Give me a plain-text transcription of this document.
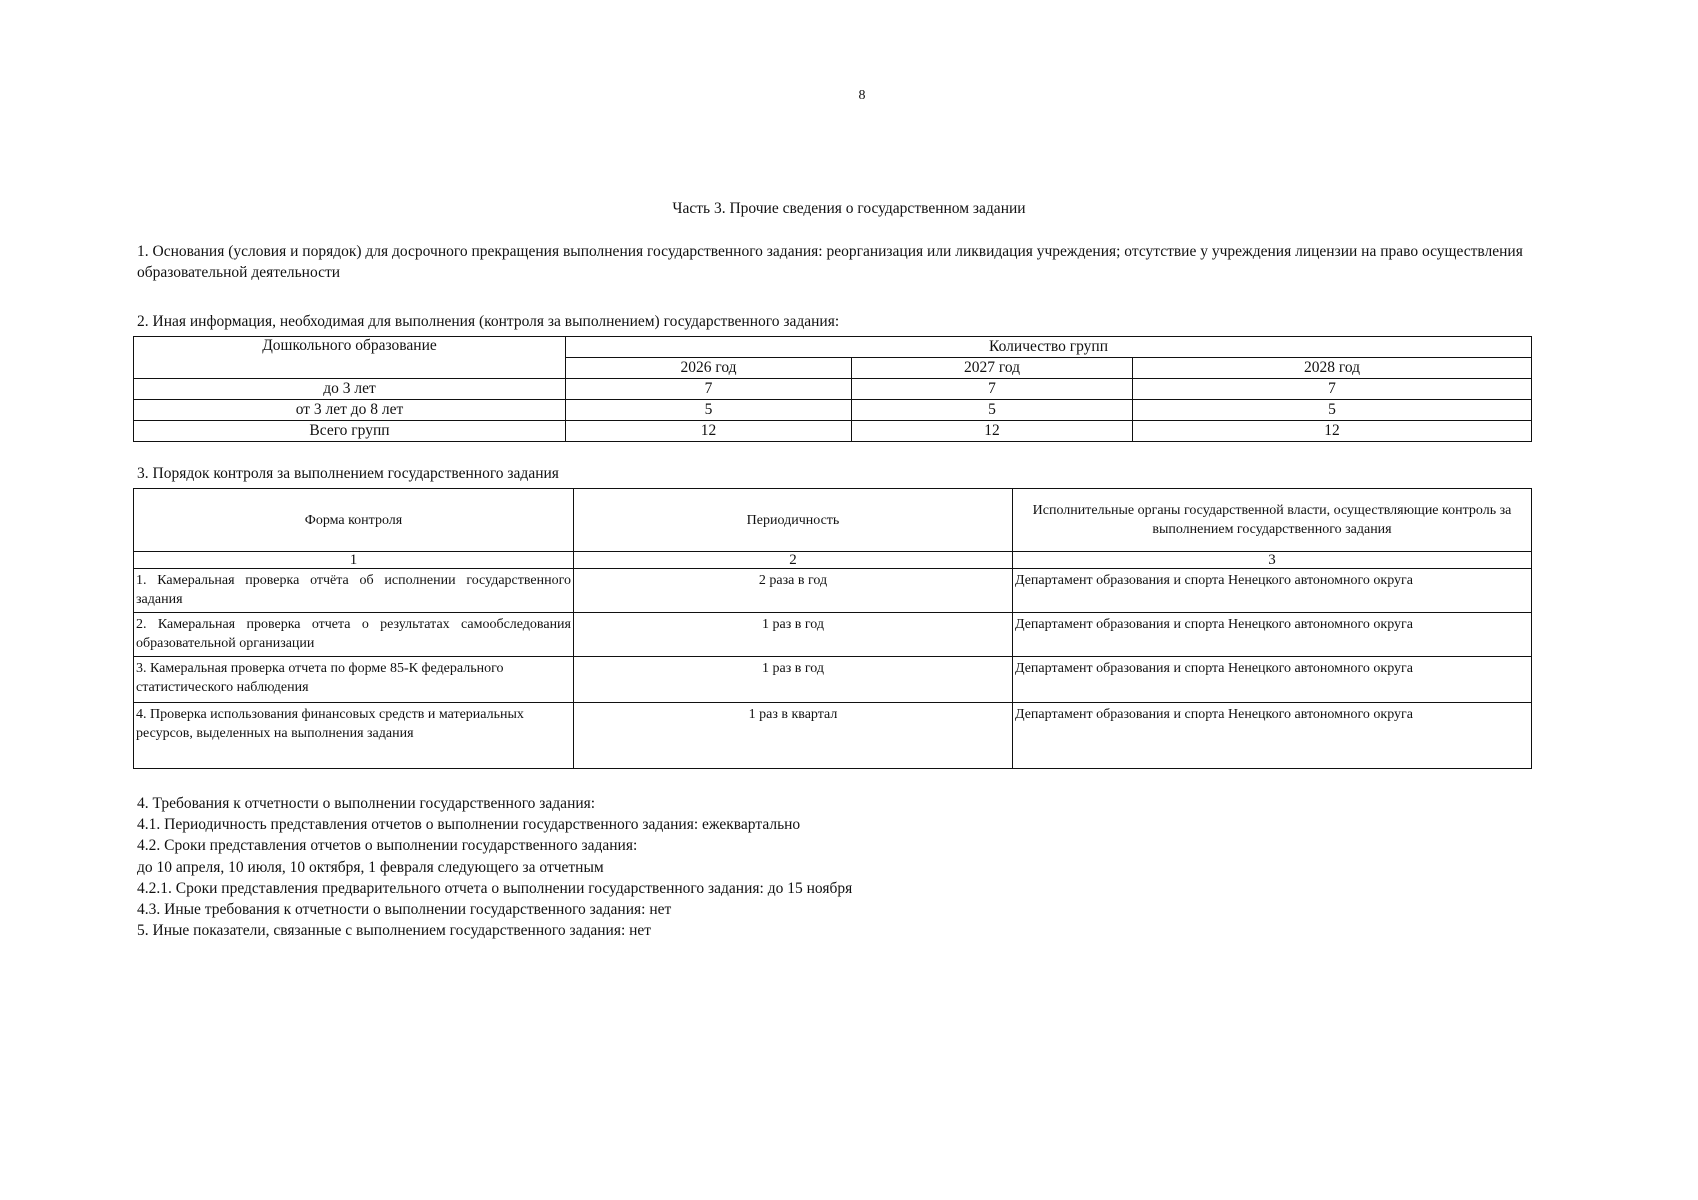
8
Часть 3. Прочие сведения о государственном задании
1. Основания (условия и порядок) для досрочного прекращения выполнения государственного задания: реорганизация или ликвидация учреждения; отсутствие у учреждения лицензии на право осуществления образовательной деятельности
2. Иная информация, необходимая для выполнения (контроля за выполнением) государственного задания:
Дошкольного образование	Количество групп		
	2026 год	2027 год	2028 год
до 3 лет	7	7	7
от 3 лет до 8 лет	5	5	5
Всего групп	12	12	12
3. Порядок контроля за выполнением государственного задания
Форма контроля	Периодичность	Исполнительные органы государственной власти, осуществляющие контроль за выполнением государственного задания
1	2	3
1. Камеральная проверка отчёта об исполнении государственного задания	2 раза в год	Департамент образования и спорта Ненецкого автономного округа
2. Камеральная проверка отчета о результатах самообследования образовательной организации	1 раз в год	Департамент образования и спорта Ненецкого автономного округа
3. Камеральная проверка отчета по форме 85-К федерального статистического наблюдения	1 раз в год	Департамент образования и спорта Ненецкого автономного округа
4. Проверка использования финансовых средств и материальных ресурсов, выделенных на выполнения задания	1 раз в квартал	Департамент образования и спорта Ненецкого автономного округа
4. Требования к отчетности о выполнении государственного задания:
4.1. Периодичность представления отчетов о выполнении государственного задания: ежеквартально
4.2. Сроки представления отчетов о выполнении государственного задания:
до 10 апреля, 10 июля, 10 октября, 1 февраля следующего за отчетным
4.2.1. Сроки представления предварительного отчета о выполнении государственного задания: до 15 ноября
4.3. Иные требования к отчетности о выполнении государственного задания: нет
5. Иные показатели, связанные с выполнением государственного задания: нет
